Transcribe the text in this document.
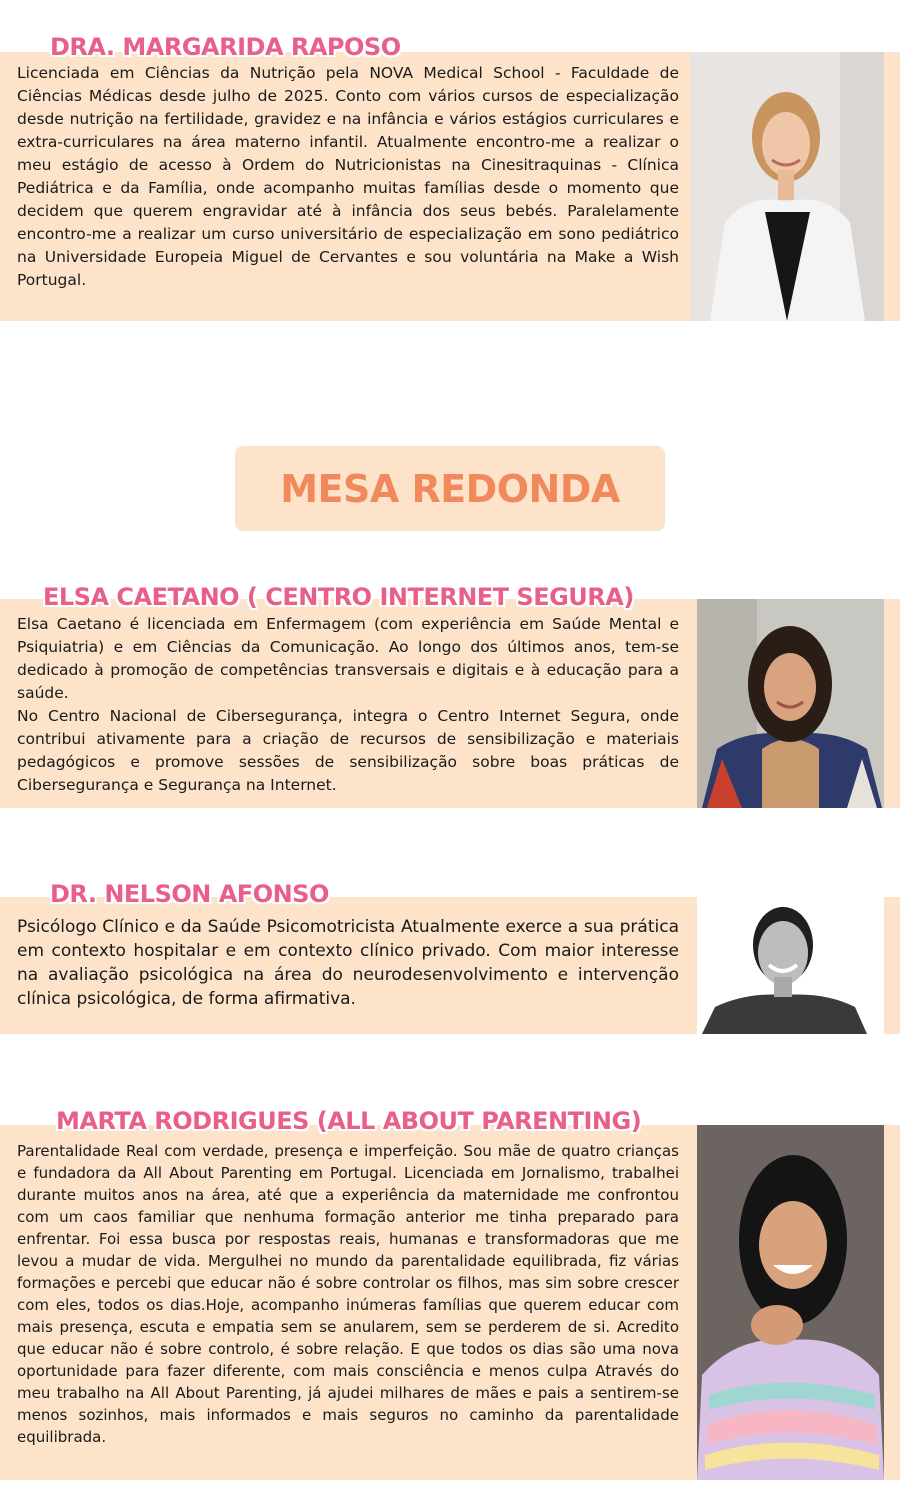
Licenciada em Ciências da Nutrição pela NOVA Medical School - Faculdade de Ciências Médicas desde julho de 2025. Conto com vários cursos de especialização desde nutrição na fertilidade, gravidez e na infância e vários estágios curriculares e extra-curriculares na área materno infantil. Atualmente encontro-me a realizar o meu estágio de acesso à Ordem do Nutricionistas na Cinesitraquinas - Clínica Pediátrica e da Família, onde acompanho muitas famílias desde o momento que decidem que querem engravidar até à infância dos seus bebés. Paralelamente encontro-me a realizar um curso universitário de especialização em sono pediátrico na Universidade Europeia Miguel de Cervantes e sou voluntária na Make a Wish Portugal.
DRA. MARGARIDA RAPOSO
MESA REDONDA
Elsa Caetano é licenciada em Enfermagem (com experiência em Saúde Mental e Psiquiatria) e em Ciências da Comunicação. Ao longo dos últimos anos, tem-se dedicado à promoção de competências transversais e digitais e à educação para a saúde.
No Centro Nacional de Cibersegurança, integra o Centro Internet Segura, onde contribui ativamente para a criação de recursos de sensibilização e materiais pedagógicos e promove sessões de sensibilização sobre boas práticas de Cibersegurança e Segurança na Internet.
ELSA CAETANO ( CENTRO INTERNET SEGURA)
Psicólogo Clínico e da Saúde Psicomotricista Atualmente exerce a sua prática em contexto hospitalar e em contexto clínico privado. Com maior interesse na avaliação psicológica na área do neurodesenvolvimento e intervenção clínica psicológica, de forma afirmativa.
DR. NELSON AFONSO
Parentalidade Real com verdade, presença e imperfeição. Sou mãe de quatro crianças e fundadora da All About Parenting em Portugal. Licenciada em Jornalismo, trabalhei durante muitos anos na área, até que a experiência da maternidade me confrontou com um caos familiar que nenhuma formação anterior me tinha preparado para enfrentar. Foi essa busca por respostas reais, humanas e transformadoras que me levou a mudar de vida. Mergulhei no mundo da parentalidade equilibrada, fiz várias formações e percebi que educar não é sobre controlar os filhos, mas sim sobre crescer com eles, todos os dias.Hoje, acompanho inúmeras famílias que querem educar com mais presença, escuta e empatia sem se anularem, sem se perderem de si. Acredito que educar não é sobre controlo, é sobre relação. E que todos os dias são uma nova oportunidade para fazer diferente, com mais consciência e menos culpa Através do meu trabalho na All About Parenting, já ajudei milhares de mães e pais a sentirem-se menos sozinhos, mais informados e mais seguros no caminho da parentalidade equilibrada.
MARTA RODRIGUES (ALL ABOUT PARENTING)
